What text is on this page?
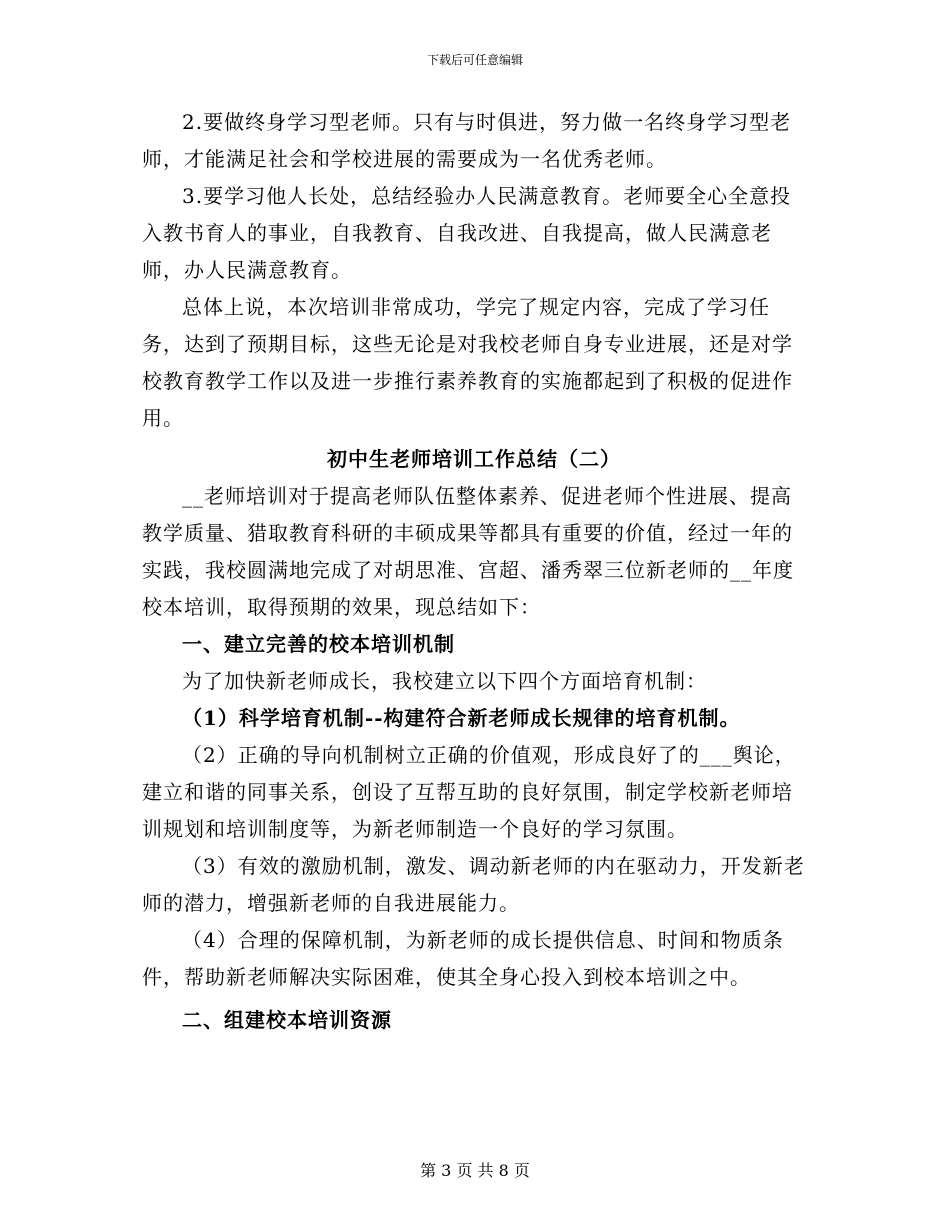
下载后可任意编辑

2.要做终身学习型老师。只有与时俱进，努力做一名终身学习型老师，才能满足社会和学校进展的需要成为一名优秀老师。

3.要学习他人长处，总结经验办人民满意教育。老师要全心全意投入教书育人的事业，自我教育、自我改进、自我提高，做人民满意老师，办人民满意教育。

总体上说，本次培训非常成功，学完了规定内容，完成了学习任务，达到了预期目标，这些无论是对我校老师自身专业进展，还是对学校教育教学工作以及进一步推行素养教育的实施都起到了积极的促进作用。

初中生老师培训工作总结（二）

__老师培训对于提高老师队伍整体素养、促进老师个性进展、提高教学质量、猎取教育科研的丰硕成果等都具有重要的价值，经过一年的实践，我校圆满地完成了对胡思准、宫超、潘秀翠三位新老师的__年度校本培训，取得预期的效果，现总结如下：

一、建立完善的校本培训机制

为了加快新老师成长，我校建立以下四个方面培育机制：

（1）科学培育机制--构建符合新老师成长规律的培育机制。

（2）正确的导向机制树立正确的价值观，形成良好了的___舆论，建立和谐的同事关系，创设了互帮互助的良好氛围，制定学校新老师培训规划和培训制度等，为新老师制造一个良好的学习氛围。

（3）有效的激励机制，激发、调动新老师的内在驱动力，开发新老师的潜力，增强新老师的自我进展能力。

（4）合理的保障机制，为新老师的成长提供信息、时间和物质条件，帮助新老师解决实际困难，使其全身心投入到校本培训之中。

二、组建校本培训资源

第 3 页 共 8 页
